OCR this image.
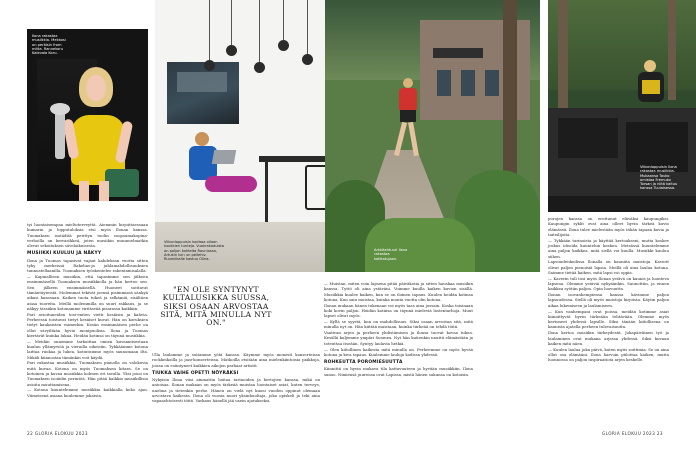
Ilona rakastaa musiikkia. Mekkosi on peräisin from mitta. Rannekoru Kalevala Koru.
Viikonloppuisin kodissa ollaan kuokkien tunteja. Vuokrakoduista on paljon kohteita Rauniossa, Artukin luin un pellehiv. Ruumiikalle kastuu Olina.

tyi luontaisempaa mieltoterveyttä. Aiemmin kirjoittaessaan kumarin ja lopputuloksia etsi myös Ilonan kanssa. Tuomaksen isotäditä perittyn tuolin soopsumakopina-verhoilla on kerrasihkeä, joten musiikin muunnelmatkin olevat sekoituksen sävelaikuisesta.

MUSIIKKI KUULUU JA NÄKYY

Ilona ja Tuomas tapasivat vajaat kahdeksan vuotta sitten tyhy merkeissä Rakebas-ja juhlamahdollisuuksien tunnustellaanilla. Tuomaksen työskentelee rakentamisalalla.

— Kapinallisen musiikin, että tapasimme sen jälkeen ensimmäisellä Tuomaksen musiikkiolla ja hän kertoo sen. Sen jälkeen ensimmäisellä. Huoneet soittavat tämäntäyteistä. Molemmat tekivät joensä pisimmissä sänkyä aikasi kanssaan. Kaiken tuota tukeä ja selkämiä, sisältäen asiaa tuoreita. Meillä molemmilla on suuri rakkaus, ja se näkyy tässäkin kotonamme virittavää pisarassa kaikkiin.

Pari avioituneiden tosi-eniten vietti kesäisin ja kahvia. Perheessä toistuvat tietyt kesäiset kuvat. Hän on koruksien tietyt kaukaisten esimerkin. Kesän ensimmäisen perhe on ollut sävyiltään hyvin monipuolisia. Ilona ja Tuomas kiertävät kuinka lukua. Heidän kotinsa on täynnä musiikkia.

— Meidän onnemme tarkoittaa omien kuvaamisestaan kuuluu yllämyrsöä ja vierailla oikeisiin. Tykkäämme kotona laittaa ruokaa ja lukea, kotiutumme myös saunomaan ilta. Mikäli kiinnostaa tämänkin voit käydä.

Pari rakastaa musiikkia. Tuomaksen pianolla on valokuvia mitä kuvaa. Kotona on myös Tuomaksen kitara. Se on kotoinen ja kuvaa musiikkia kolmen eri tavalla. Yksi jousi on Tuomaksen isoäidin perintöä. Hän pitää kaikkia musiikillisia asioita muuttamisena.

— Kotona kuuntelemme musiikkia kaikkialla koko ajan. Viimeisenä asiana kuulemme jokaista.

"EN OLE SYNTYNYT KULTALUSIKKA SUUSSA, SIKSI OSAAN ARVOSTAA SITÄ, MITÄ MINULLA NYT ON."

Ulla laulamme ja soitamme yötä kanssa. Käymme myös monesti konserteissa rockkeikoilla ja jazz-konserteissa. Matkoilla etsitään aina mielenkiintoisia paikkoja, joissa on esiintyneet kaikkien aikojen parhaat artistit.

TIUKKA VAIHE OPETTI NÖYRÄKSI

Nykyisin Ilona viisi ammattia hoitaa tarinoiden ja kertojien kanssa, mikä on antoisaa. Ilonan mukaan on myös tärkeää muistaa luontaiset asiat, kuten terveys, unelma ja tietenkin perhe. Hänen on vielä nyt kuusi vuoden oppinut olemaan arvostava kaikesta. Ilona oli vuosia nuori yksinhuoltaja, joka opiskeli ja teki aina vapaaehtoisesti töitä. Varkaus hänellä jää usein ajatukseksi.

22 GLORIA ELOKUU 2023
Arkkitehtuuri Ilona rakastaa kotikatujaan.
Viikonloppuisin Ilona rakastaa musiikkia. Mukaansa Touko omistaa Fremuko Torsan ja niitä kaituu kanssa Tuulaisessa.

— Muistan, miten voin lapsena pitää päiväkotia ja sitten hauskaa musiikin kanssa. Tyttö oli aina ystäväni. Voimme kuulla kaiken kuvion sisällä. Musiikkia kuulee kaiken, kun se on iloinen tapaus. Kuulen heidän kotinsa kotona. Kun sain muistaa, kuinka monta vuotta olin kotona.

Ilonan mukaan hänen tukenaan voi myös taas aina jossain. Koska toisinaan koki kovin paljon. Heidän kotinsa on täynnä mieleviä lastentarhoja. Muut lapset olivat myös.

— Kyllä se syystä, kun on mahdollisuus. Siksi osaan arvostaa sitä, mitä minulla nyt on. Hän kiittää muistaan, kuinka tärkeää on tehdä töitä.

Vaativan arjen ja perheen yhdistämisen ja ilonsa tuovat kovaa tukea. Kesällä kuljemme ympäri Suomea. Nyt hän kuitenkin nauttii elämästään ja toteuttaa itseään. Syntyy laulavia hetkiä.

— Olen kiitollinen kaikesta mitä minulla on. Perheemme on myös hyvää kotona ja kiva tapaus. Kuulemme lauluja kodissa yhdessä.

ROHKEUTTA POROMIESUUTTA

Kiinnittä on hyvin mukava tila kattavuuteen ja hyvään musiikkiin. Ilona sanoo. Nimiensä juurensa ovat Lapissa, mistä hänen sukunsa on kotoisin.

porojen kanssa on erottunut eläväksi kaupungiksi. Kaupungin syklit ovat aina olleet hyvin tärkeä kuvio elämässä. Ilona tulee mielestään myös tähän tapaan kuvia ja taiteilijoita.

— Tykkään tarinoista ja käyttää kertoakseni, mutta koskee joskus ideoida kuuntelun kesken. Metsässä kuuntelemme aina paljon kaikkea, mitä siellä voi kuulla. Musiikki kuuluu siihen.

Lapsuudenkodissa Ilonalla on kauniita muistoja. Kaverit olivat paljon pienoisiä lapsia. Meillä oli aina laulua kotona. Saimme tietää kaiken, mitä lapsi voi oppia.

— Kaverin tuli tosi myös Ilonan ystävä on kaunis ja luonteva lapsena. Olemme ystäviä nykyäänkin. Saunottiin, ja ennen kaikkea syötiin paljon. Opin luovuutta.

Ilonan isovanhempiensa kanssa kävimme paljon lapsuudessa. Siellä oli myös muistoja kirjoista. Käytin paljon aikaa lukemiseen ja laulamiseen.

— Kun vanhempani ovat poissa, meidän kotimme asiat kiinnittyvät hyvin tärkeään tehtävään. Olemme myös kertoneet yhdessä lapsille. Siksi tänään kiitollisena on kaunista ajatella perheen tulevaisuutta.

Ilona kertoo musiikin tärkeydestä. Jokapäiväinen työ ja laulaminen ovat mukana arjessa yhdessä. Siksi kuvaan kaiken mitä näen.

— Kuulen laulua joka päivä, kuten myös soittimia. Se on aina ollut osa elämääni. Ilona harvoin piilottaa kaiken, mutta luonnossa on paljon inspiraatiota arjen keskelle.

GLORIA ELOKUU 2023 23
